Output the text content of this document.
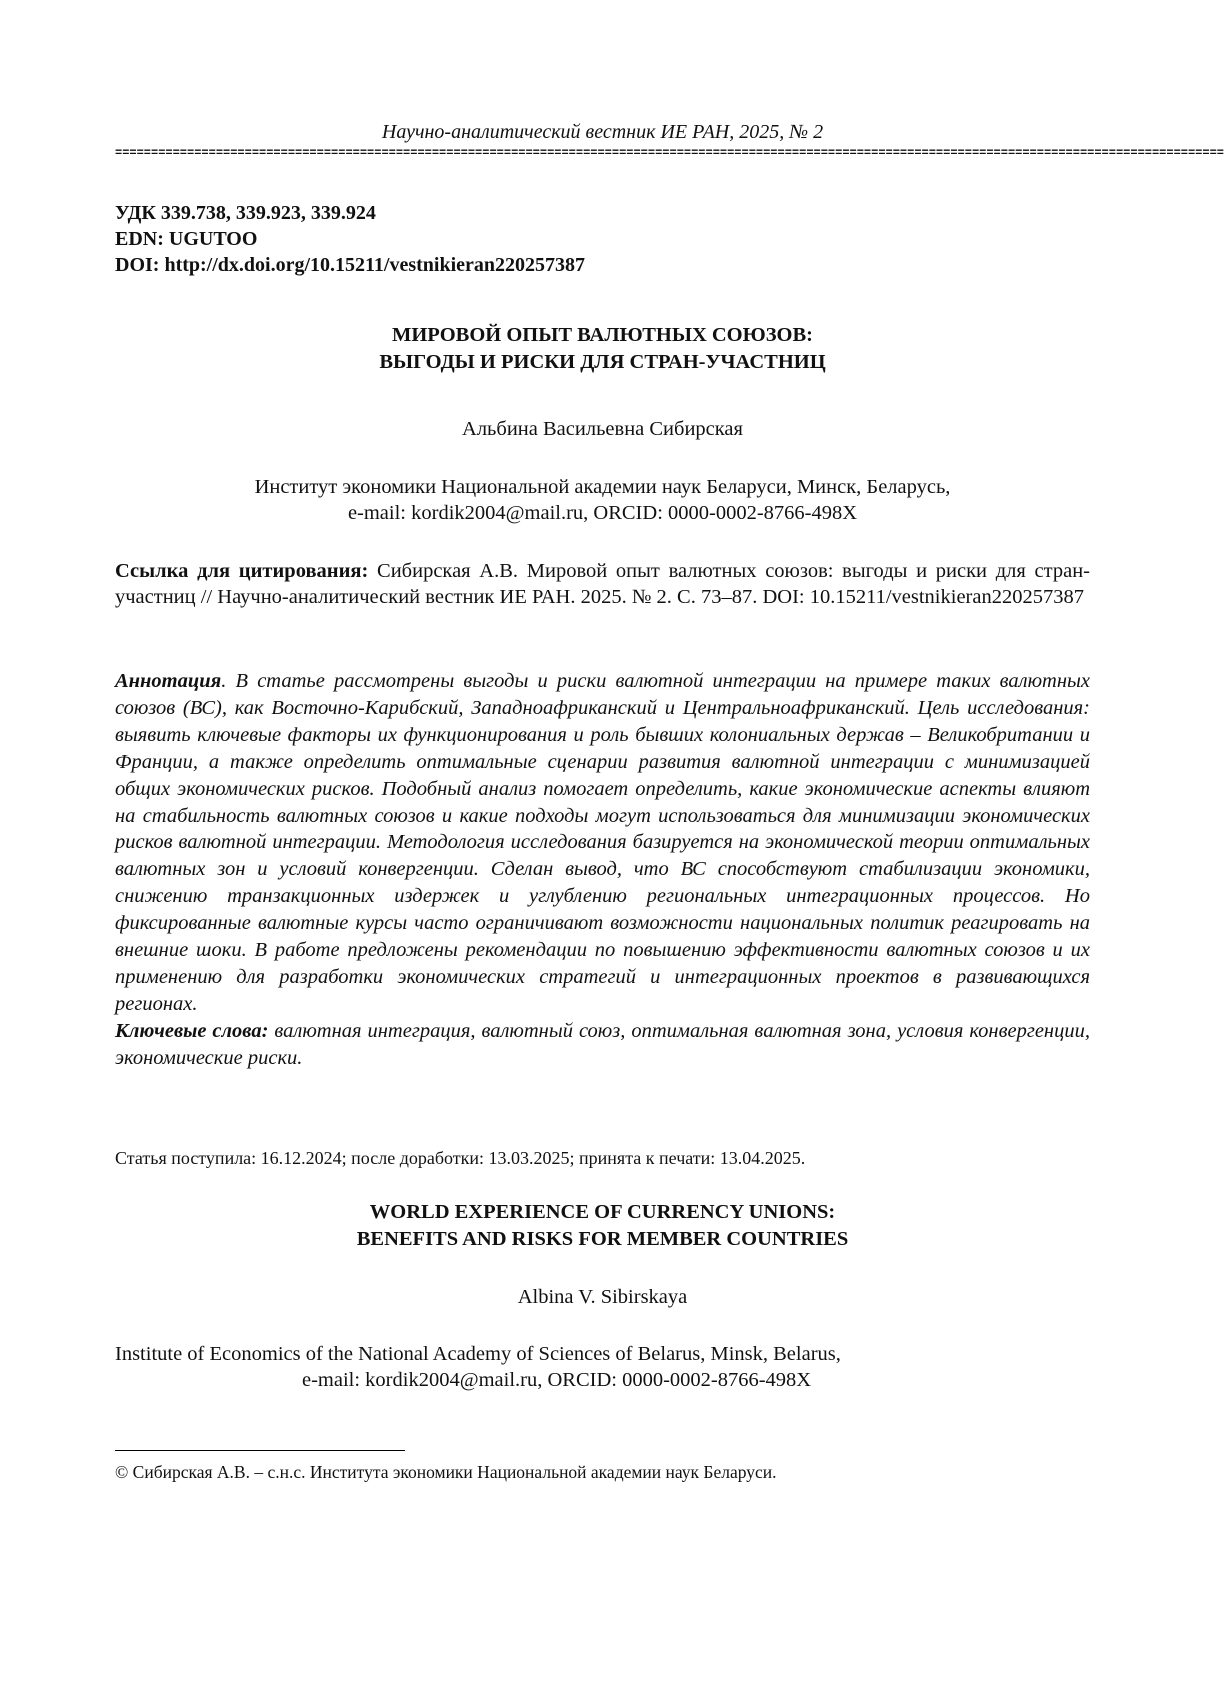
Научно-аналитический вестник ИЕ РАН, 2025, № 2
==========================================================================================================================================================
УДК 339.738, 339.923, 339.924
EDN: UGUTOO
DOI: http://dx.doi.org/10.15211/vestnikieran220257387
МИРОВОЙ ОПЫТ ВАЛЮТНЫХ СОЮЗОВ:
ВЫГОДЫ И РИСКИ ДЛЯ СТРАН-УЧАСТНИЦ
Альбина Васильевна Сибирская
Институт экономики Национальной академии наук Беларуси, Минск, Беларусь,
e-mail: kordik2004@mail.ru, ORCID: 0000-0002-8766-498X
Ссылка для цитирования: Сибирская А.В. Мировой опыт валютных союзов: выгоды и риски для стран-участниц // Научно-аналитический вестник ИЕ РАН. 2025. № 2. С. 73–87. DOI: 10.15211/vestnikieran220257387
Аннотация. В статье рассмотрены выгоды и риски валютной интеграции на примере таких валютных союзов (ВС), как Восточно-Карибский, Западноафриканский и Центральноафриканский. Цель исследования: выявить ключевые факторы их функционирования и роль бывших колониальных держав – Великобритании и Франции, а также определить оптимальные сценарии развития валютной интеграции с минимизацией общих экономических рисков. Подобный анализ помогает определить, какие экономические аспекты влияют на стабильность валютных союзов и какие подходы могут использоваться для минимизации экономических рисков валютной интеграции. Методология исследования базируется на экономической теории оптимальных валютных зон и условий конвергенции. Сделан вывод, что ВС способствуют стабилизации экономики, снижению транзакционных издержек и углублению региональных интеграционных процессов. Но фиксированные валютные курсы часто ограничивают возможности национальных политик реагировать на внешние шоки. В работе предложены рекомендации по повышению эффективности валютных союзов и их применению для разработки экономических стратегий и интеграционных проектов в развивающихся регионах.
Ключевые слова: валютная интеграция, валютный союз, оптимальная валютная зона, условия конвергенции, экономические риски.
Статья поступила: 16.12.2024; после доработки: 13.03.2025; принята к печати: 13.04.2025.
WORLD EXPERIENCE OF CURRENCY UNIONS:
BENEFITS AND RISKS FOR MEMBER COUNTRIES
Albina V. Sibirskaya
Institute of Economics of the National Academy of Sciences of Belarus, Minsk, Belarus,
e-mail: kordik2004@mail.ru, ORCID: 0000-0002-8766-498X
© Сибирская А.В. – с.н.с. Института экономики Национальной академии наук Беларуси.
